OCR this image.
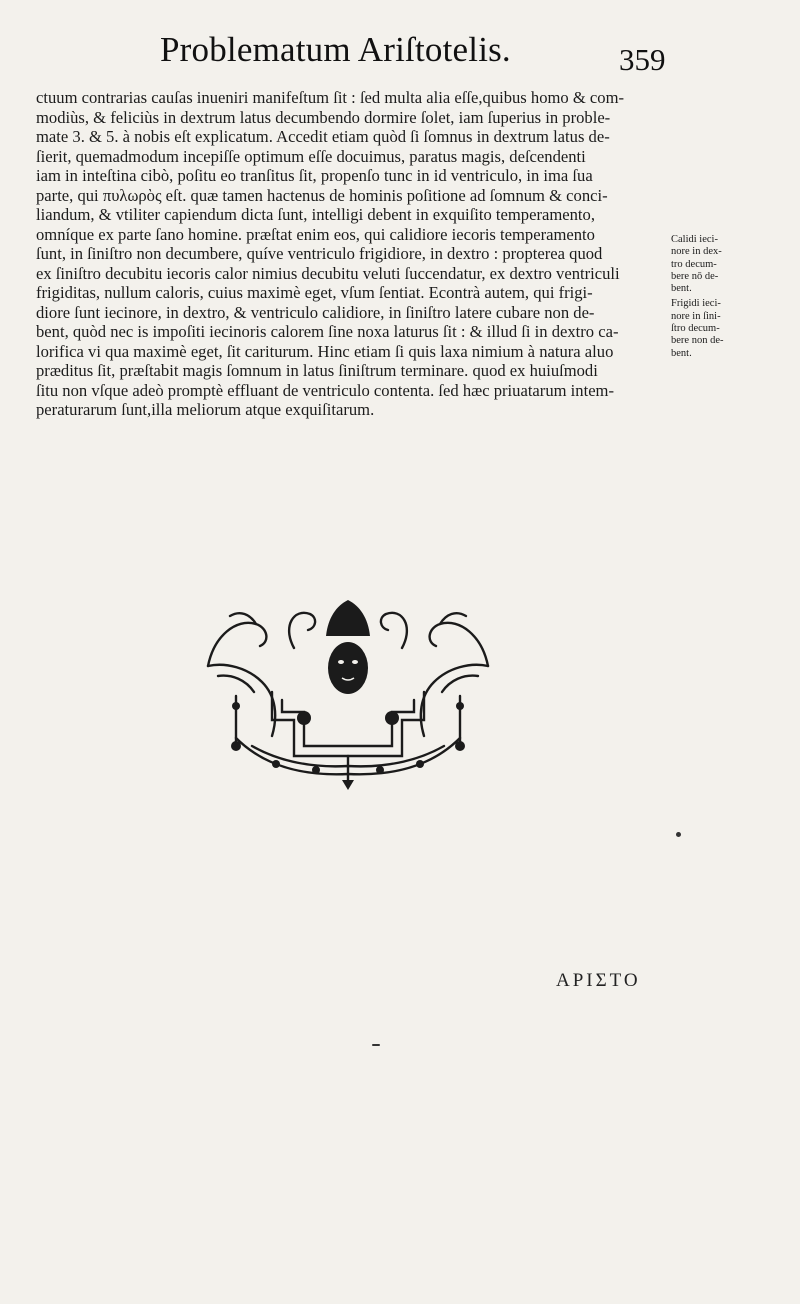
Problematum Ariſtotelis.	359
ctuum contrarias cauſas inueniri manifeſtum ſit : ſed multa alia eſſe,quibus homo & com-
modiùs, & feliciùs in dextrum latus decumbendo dormire ſolet, iam ſuperius in proble-
mate 3. & 5. à nobis eſt explicatum. Accedit etiam quòd ſi ſomnus in dextrum latus de-
ſierit, quemadmodum incepiſſe optimum eſſe docuimus, paratus magis, deſcendenti
iam in inteſtina cibò, poſitu eo tranſitus ſit, propenſo tunc in id ventriculo, in ima ſua
parte, qui πυλωρὸς eſt. quæ tamen hactenus de hominis poſitione ad ſomnum & conci-
liandum, & vtiliter capiendum dicta ſunt, intelligi debent in exquiſito temperamento,
omníque ex parte ſano homine. præſtat enim eos, qui calidiore iecoris temperamento
ſunt, in ſiniſtro non decumbere, quíve ventriculo frigidiore, in dextro : propterea quod
ex ſiniſtro decubitu iecoris calor nimius decubitu veluti ſuccendatur, ex dextro ventriculi
frigiditas, nullum caloris, cuius maximè eget, vſum ſentiat. Econtrà autem, qui frigi-
diore ſunt iecinore, in dextro, & ventriculo calidiore, in ſiniſtro latere cubare non de-
bent, quòd nec is impoſiti iecinoris calorem ſine noxa laturus ſit : & illud ſi in dextro ca-
lorifica vi qua maximè eget, ſit cariturum. Hinc etiam ſi quis laxa nimium à natura aluo
præditus ſit, præſtabit magis ſomnum in latus ſiniſtrum terminare. quod ex huiuſmodi
ſitu non vſque adeò promptè effluant de ventriculo contenta. ſed hæc priuatarum intem-
peraturarum ſunt,illa meliorum atque exquiſitarum.
Calidi ieci-
nore in dex-
tro decum-
bere nō de-
bent.
Frigidi ieci-
nore in ſini-
ſtro decum-
bere non de-
bent.
ΑΡΙΣΤΟ
